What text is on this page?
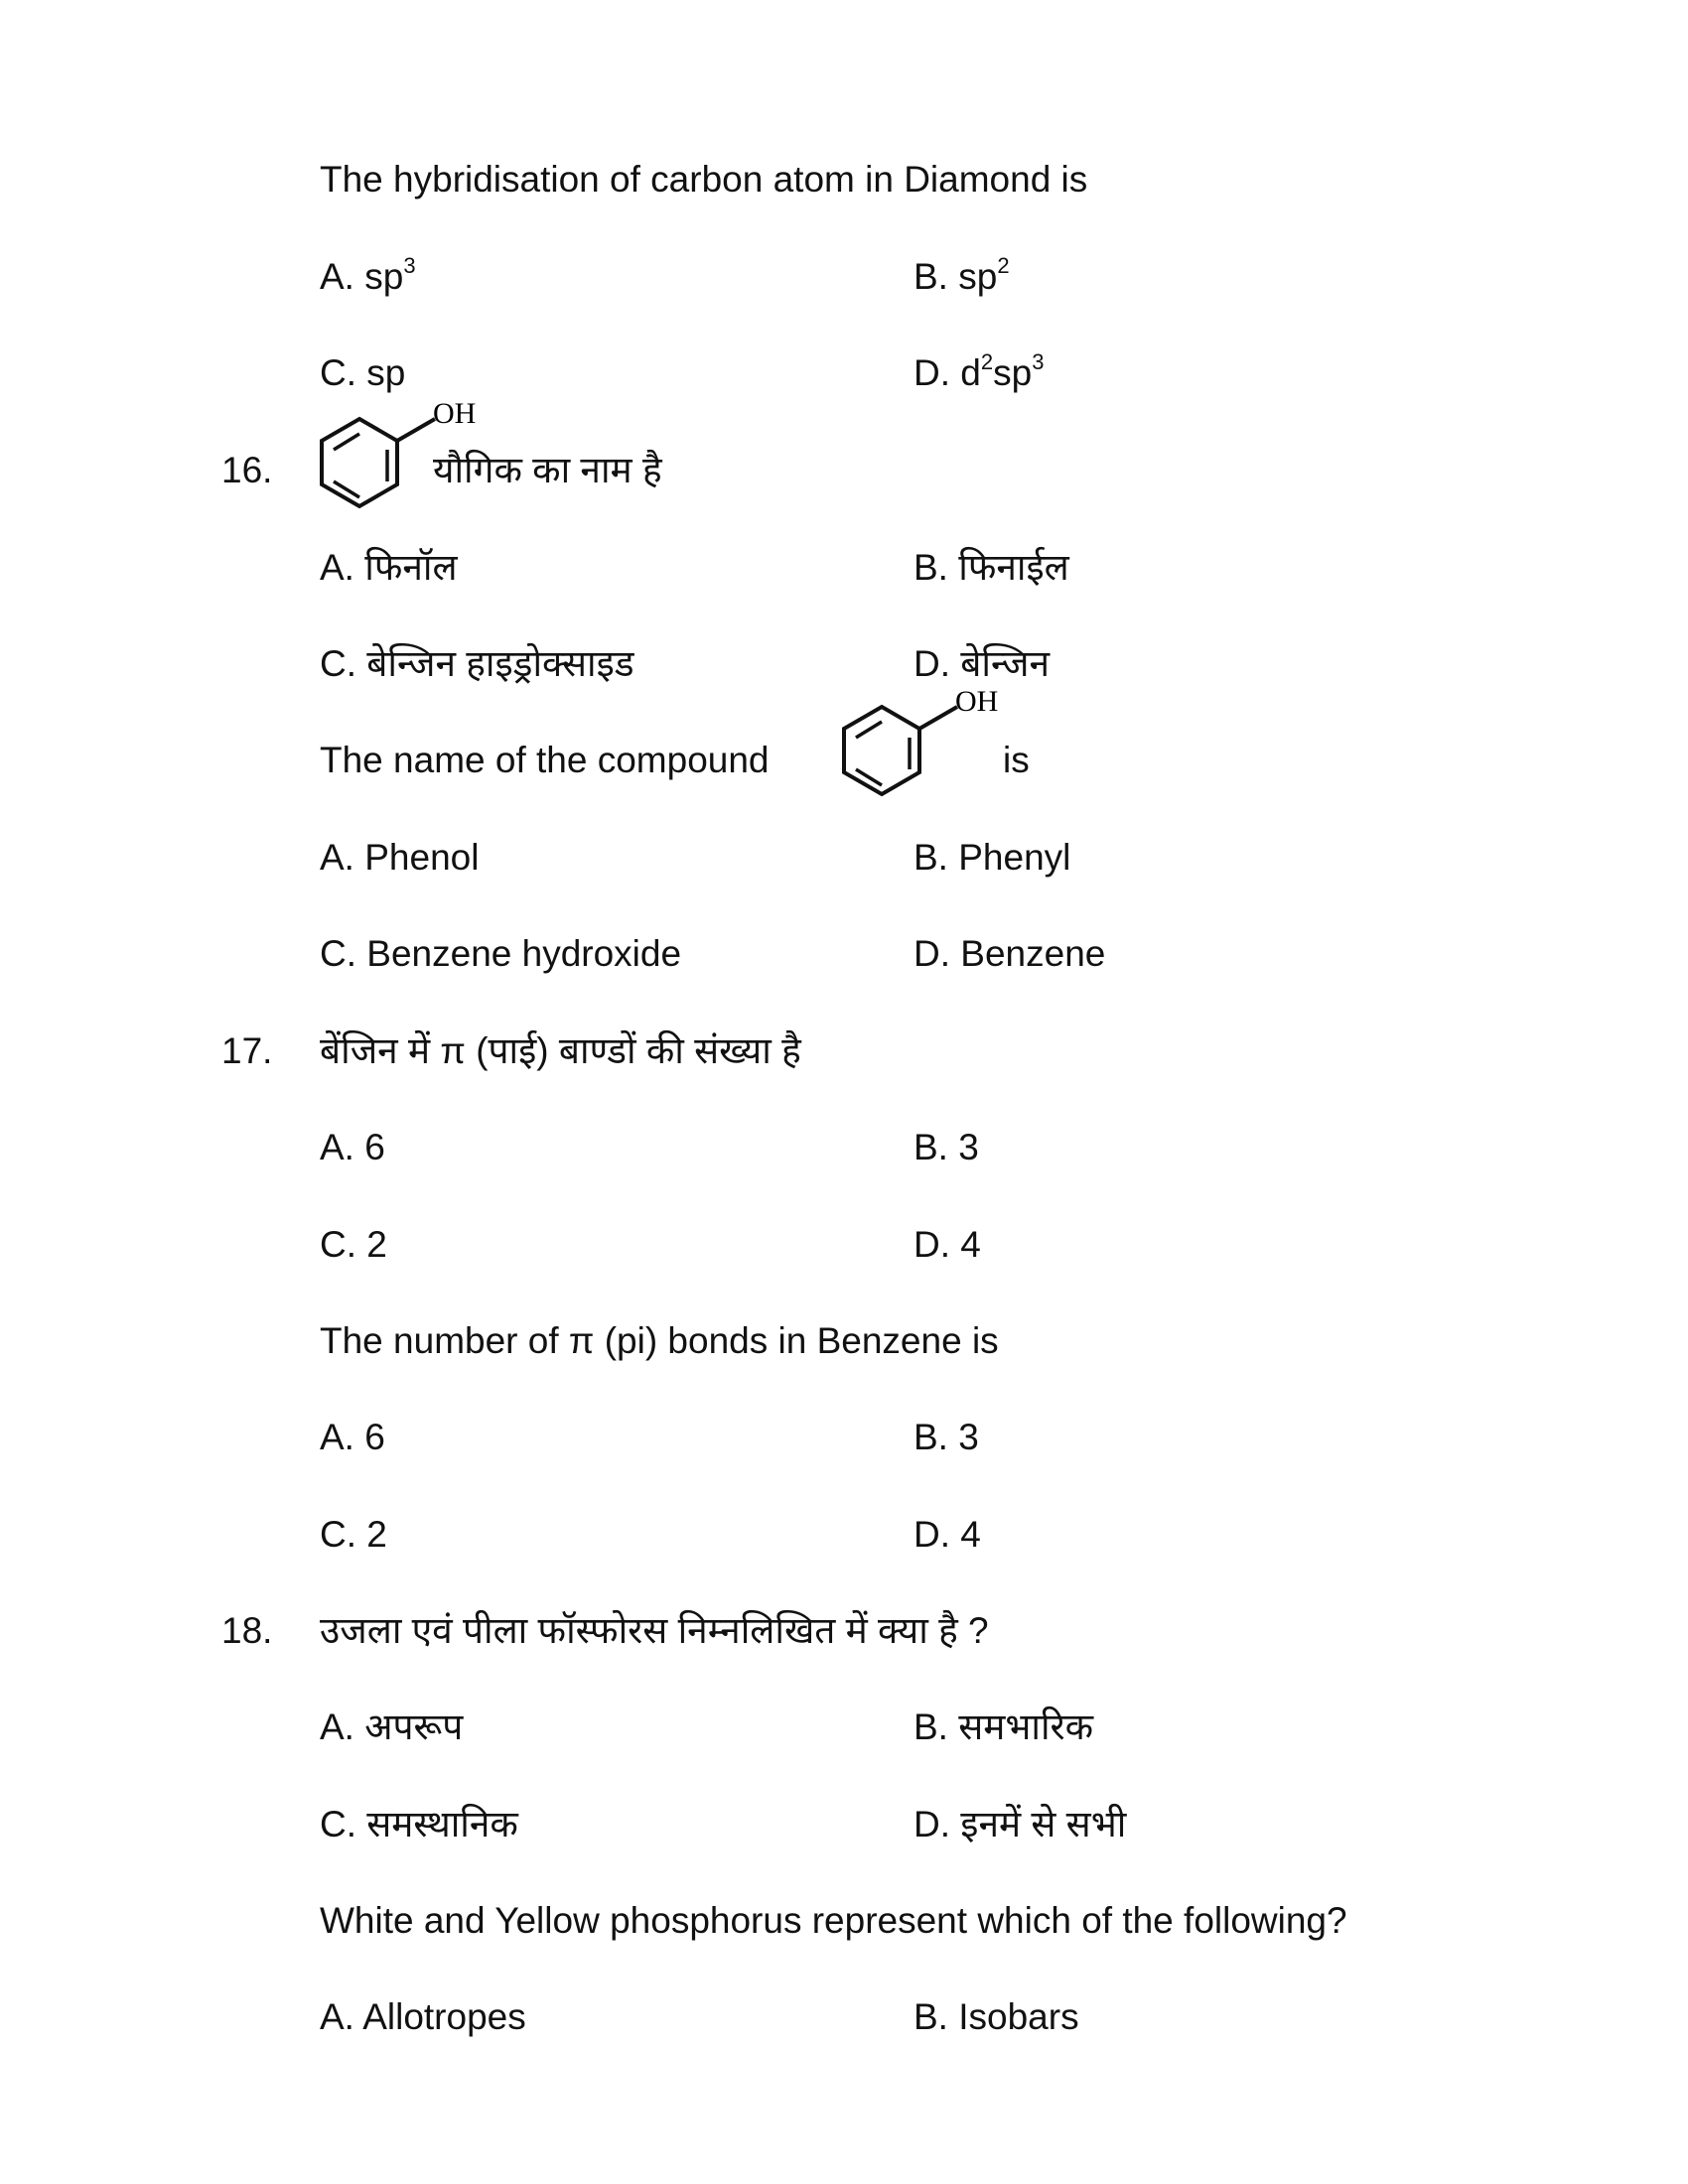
The hybridisation of carbon atom in Diamond is
A. $sp^3$	B. $sp^2$
C. sp	D. $d^2sp^3$
16.
OH
यौगिक का नाम है
A. फिनॉल	B. फिनाईल
C. बेन्जिन हाइड्रोक्साइड	D. बेन्जिन
The name of the compound
OH
is
A. Phenol	B. Phenyl
C. Benzene hydroxide	D. Benzene
17. बेंजिन में π (पाई) बाण्डों की संख्या है
A. 6	B. 3
C. 2	D. 4
The number of π (pi) bonds in Benzene is
A. 6	B. 3
C. 2	D. 4
18. उजला एवं पीला फॉस्फोरस निम्नलिखित में क्या है ?
A. अपरूप	B. समभारिक
C. समस्थानिक	D. इनमें से सभी
White and Yellow phosphorus represent which of the following?
A. Allotropes	B. Isobars
